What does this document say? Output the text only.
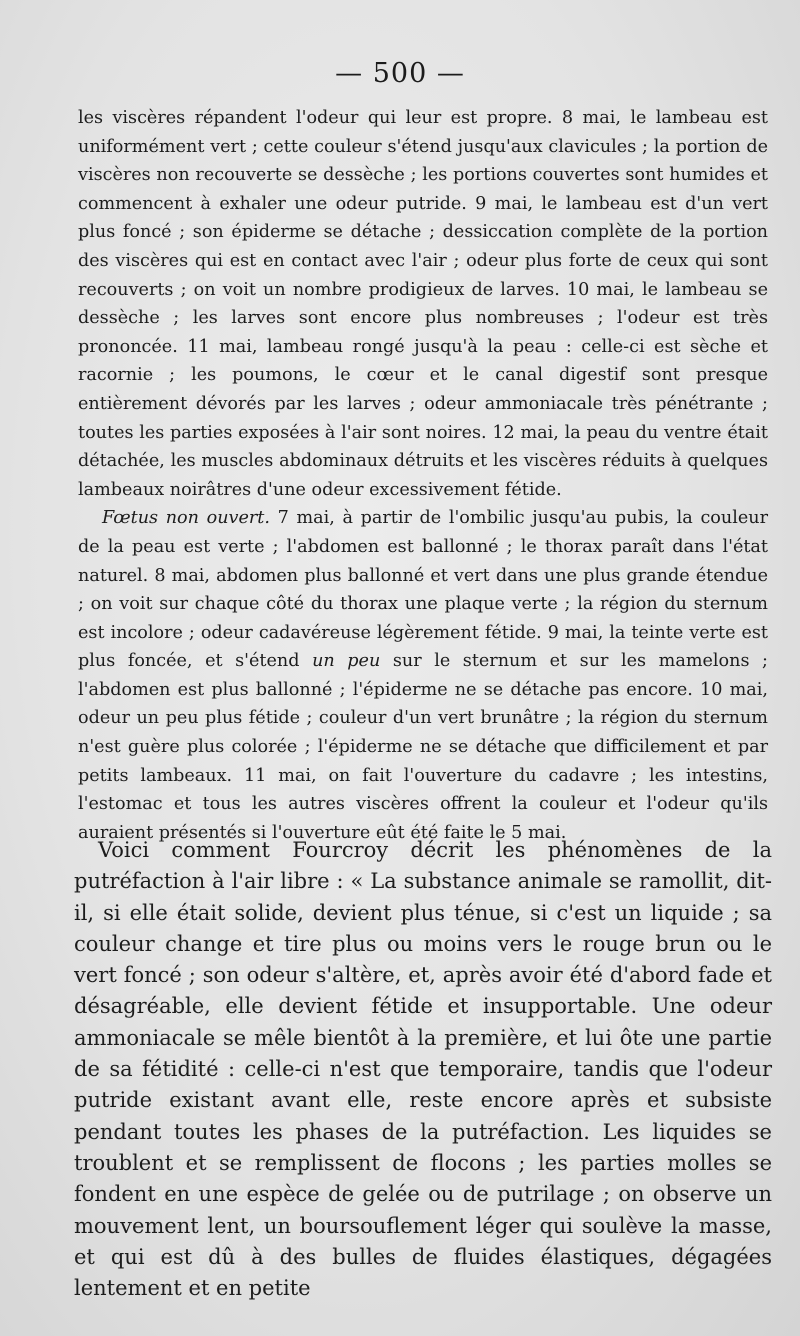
— 500 —

les viscères répandent l'odeur qui leur est propre. 8 mai, le lambeau est uniformément vert ; cette couleur s'étend jusqu'aux clavicules ; la portion de viscères non recouverte se dessèche ; les portions couvertes sont humides et commencent à exhaler une odeur putride. 9 mai, le lambeau est d'un vert plus foncé ; son épiderme se détache ; dessiccation complète de la portion des viscères qui est en contact avec l'air ; odeur plus forte de ceux qui sont recouverts ; on voit un nombre prodigieux de larves. 10 mai, le lambeau se dessèche ; les larves sont encore plus nombreuses ; l'odeur est très prononcée. 11 mai, lambeau rongé jusqu'à la peau : celle-ci est sèche et racornie ; les poumons, le cœur et le canal digestif sont presque entièrement dévorés par les larves ; odeur ammoniacale très pénétrante ; toutes les parties exposées à l'air sont noires. 12 mai, la peau du ventre était détachée, les muscles abdominaux détruits et les viscères réduits à quelques lambeaux noirâtres d'une odeur excessivement fétide.

Fœtus non ouvert. 7 mai, à partir de l'ombilic jusqu'au pubis, la couleur de la peau est verte ; l'abdomen est ballonné ; le thorax paraît dans l'état naturel. 8 mai, abdomen plus ballonné et vert dans une plus grande étendue ; on voit sur chaque côté du thorax une plaque verte ; la région du sternum est incolore ; odeur cadavéreuse légèrement fétide. 9 mai, la teinte verte est plus foncée, et s'étend un peu sur le sternum et sur les mamelons ; l'abdomen est plus ballonné ; l'épiderme ne se détache pas encore. 10 mai, odeur un peu plus fétide ; couleur d'un vert brunâtre ; la région du sternum n'est guère plus colorée ; l'épiderme ne se détache que difficilement et par petits lambeaux. 11 mai, on fait l'ouverture du cadavre ; les intestins, l'estomac et tous les autres viscères offrent la couleur et l'odeur qu'ils auraient présentés si l'ouverture eût été faite le 5 mai.

Voici comment Fourcroy décrit les phénomènes de la putréfaction à l'air libre : « La substance animale se ramollit, dit-il, si elle était solide, devient plus ténue, si c'est un liquide ; sa couleur change et tire plus ou moins vers le rouge brun ou le vert foncé ; son odeur s'altère, et, après avoir été d'abord fade et désagréable, elle devient fétide et insupportable. Une odeur ammoniacale se mêle bientôt à la première, et lui ôte une partie de sa fétidité : celle-ci n'est que temporaire, tandis que l'odeur putride existant avant elle, reste encore après et subsiste pendant toutes les phases de la putréfaction. Les liquides se troublent et se remplissent de flocons ; les parties molles se fondent en une espèce de gelée ou de putrilage ; on observe un mouvement lent, un boursouflement léger qui soulève la masse, et qui est dû à des bulles de fluides élastiques, dégagées lentement et en petite
